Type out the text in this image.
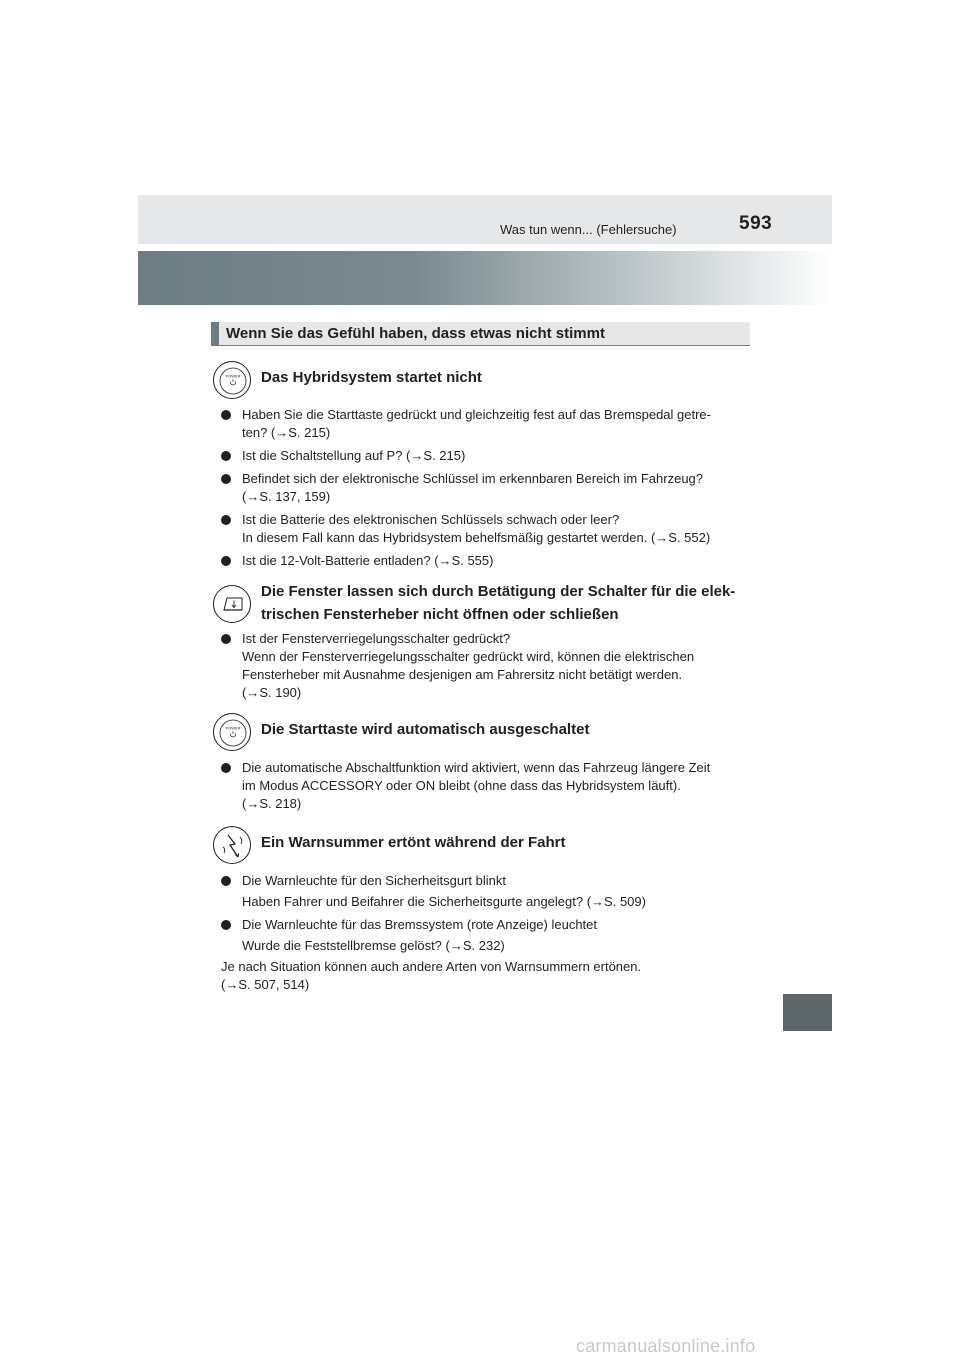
Was tun wenn... (Fehlersuche)	593
Wenn Sie das Gefühl haben, dass etwas nicht stimmt
POWER Das Hybridsystem startet nicht
Haben Sie die Starttaste gedrückt und gleichzeitig fest auf das Bremspedal getre-
ten? (→S. 215)
Ist die Schaltstellung auf P? (→S. 215)
Befindet sich der elektronische Schlüssel im erkennbaren Bereich im Fahrzeug?
(→S. 137, 159)
Ist die Batterie des elektronischen Schlüssels schwach oder leer?
In diesem Fall kann das Hybridsystem behelfsmäßig gestartet werden. (→S. 552)
Ist die 12-Volt-Batterie entladen? (→S. 555)
Die Fenster lassen sich durch Betätigung der Schalter für die elek-
trischen Fensterheber nicht öffnen oder schließen
Ist der Fensterverriegelungsschalter gedrückt?
Wenn der Fensterverriegelungsschalter gedrückt wird, können die elektrischen
Fensterheber mit Ausnahme desjenigen am Fahrersitz nicht betätigt werden.
(→S. 190)
POWER Die Starttaste wird automatisch ausgeschaltet
Die automatische Abschaltfunktion wird aktiviert, wenn das Fahrzeug längere Zeit
im Modus ACCESSORY oder ON bleibt (ohne dass das Hybridsystem läuft).
(→S. 218)
Ein Warnsummer ertönt während der Fahrt
Die Warnleuchte für den Sicherheitsgurt blinkt
Haben Fahrer und Beifahrer die Sicherheitsgurte angelegt? (→S. 509)
Die Warnleuchte für das Bremssystem (rote Anzeige) leuchtet
Wurde die Feststellbremse gelöst? (→S. 232)
Je nach Situation können auch andere Arten von Warnsummern ertönen.
(→S. 507, 514)
carmanualsonline.info
